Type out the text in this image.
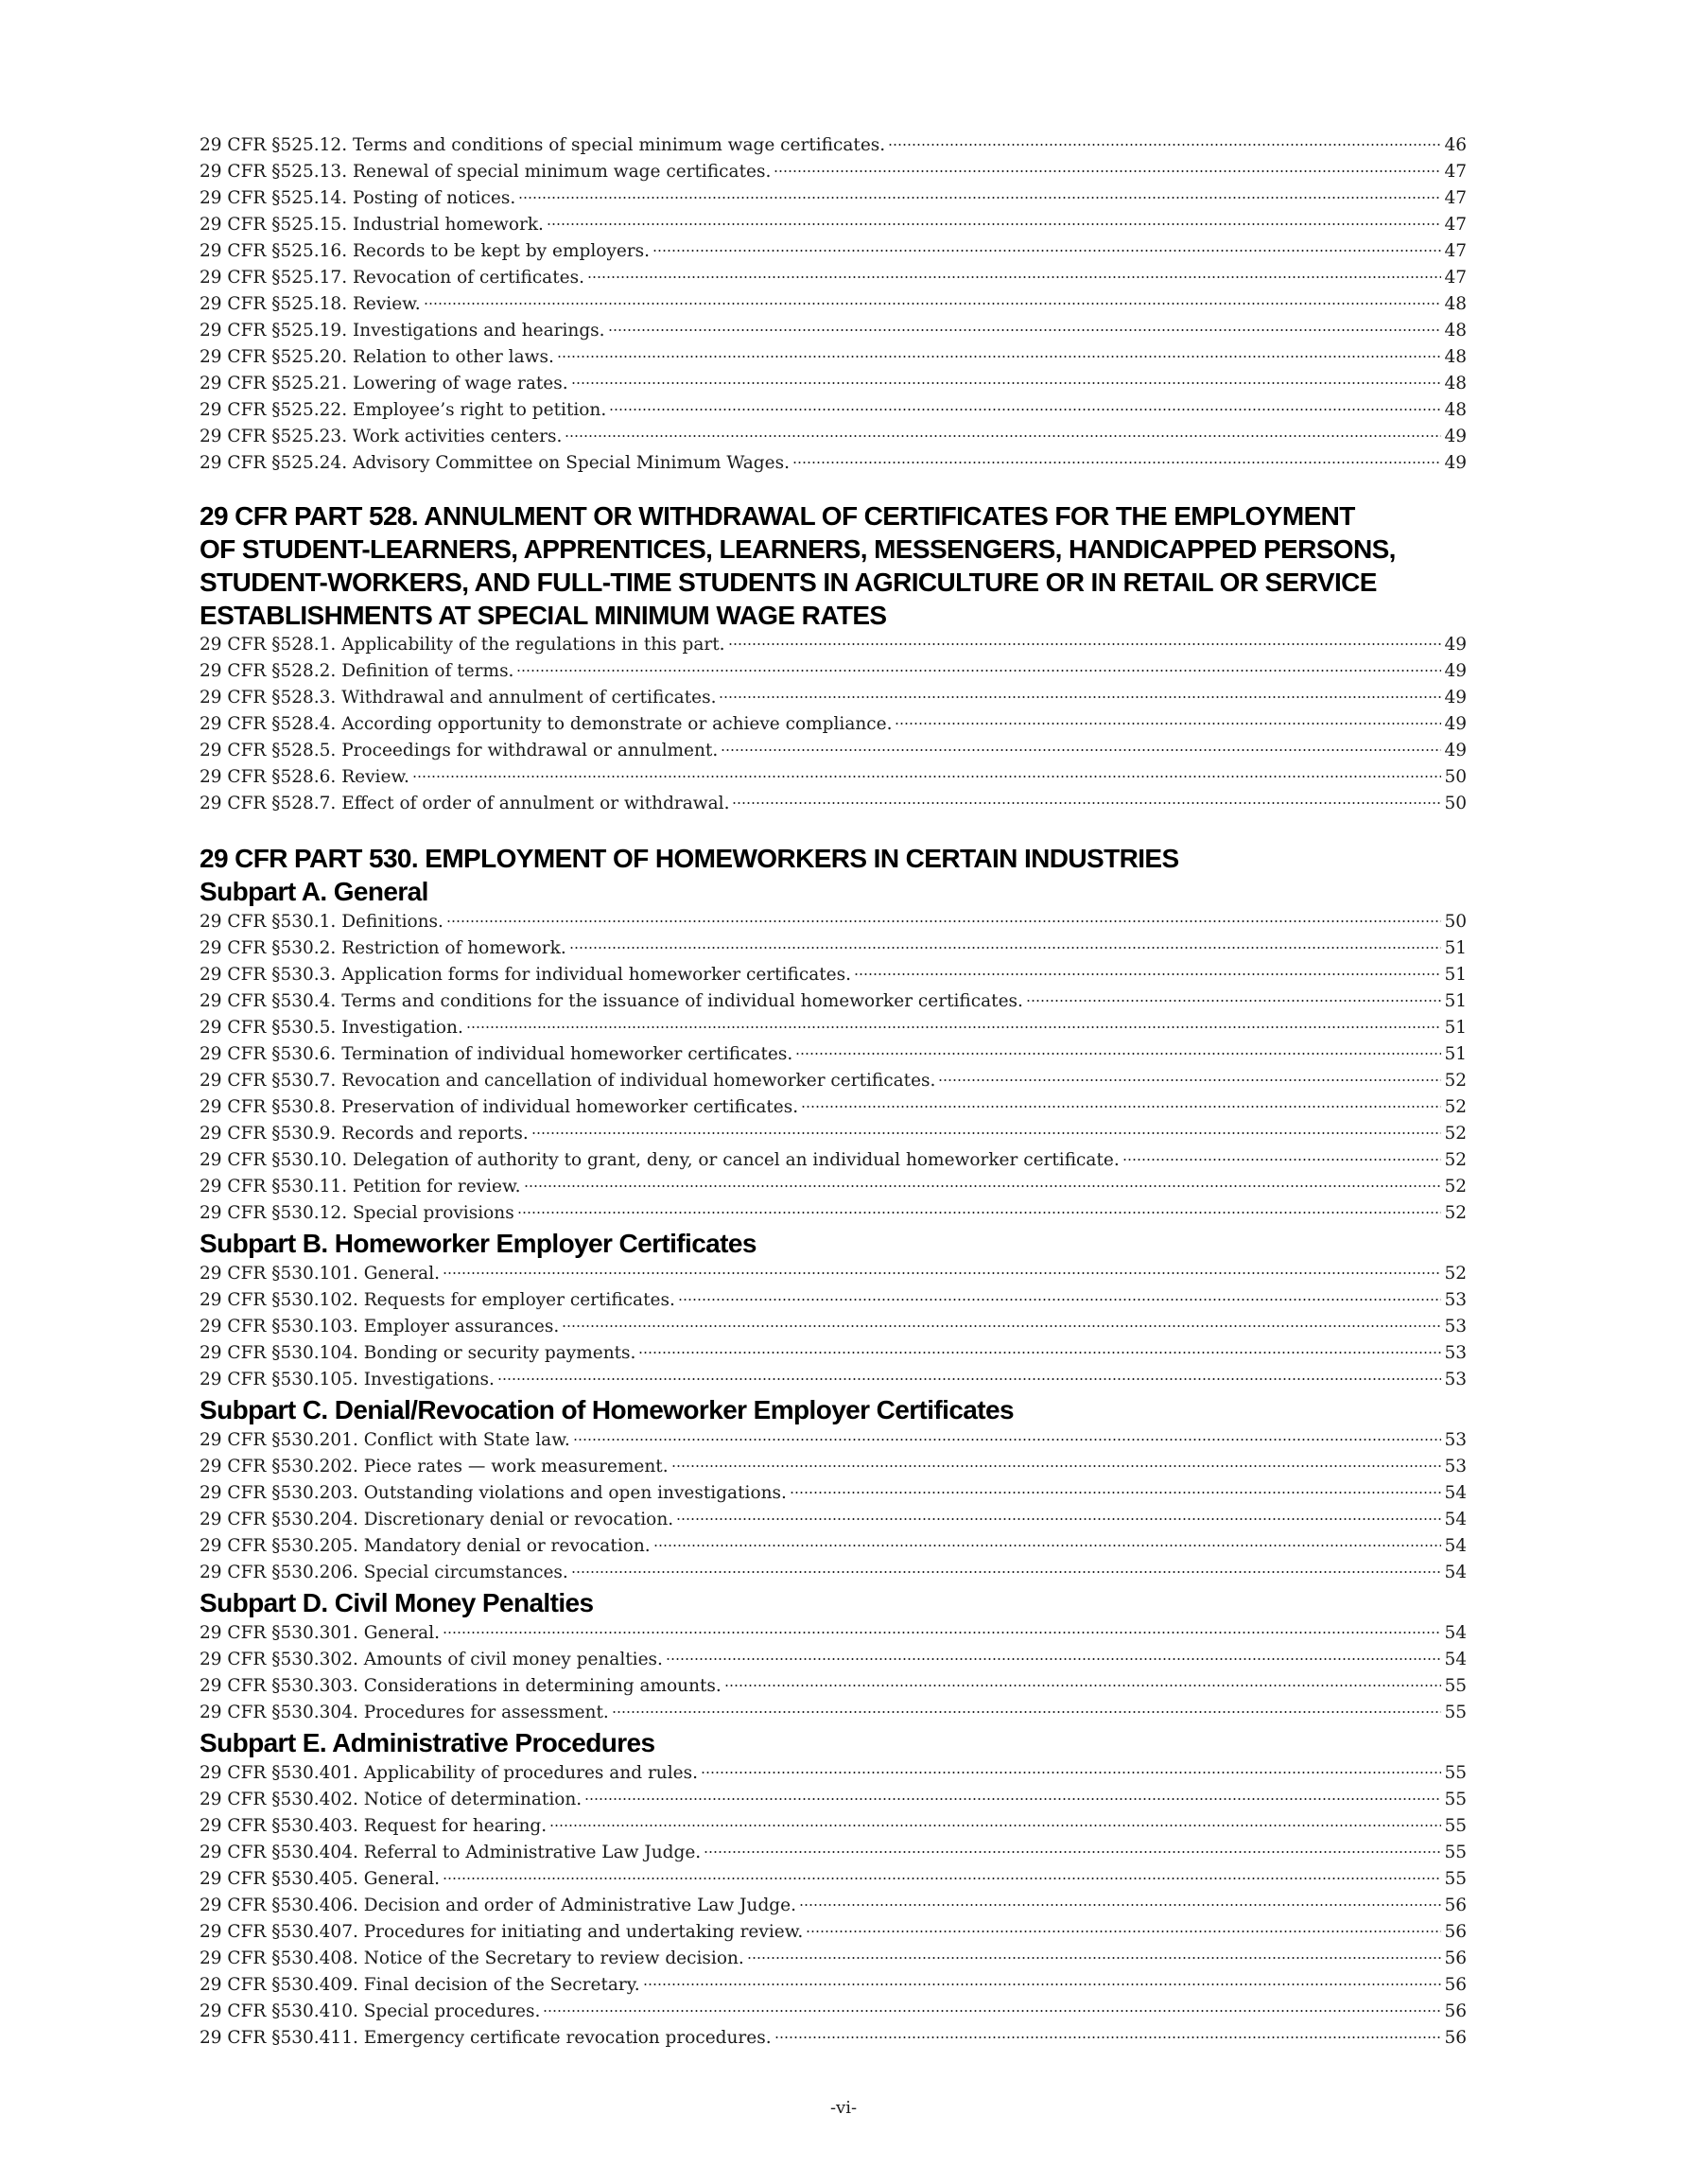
29 CFR §525.12. Terms and conditions of special minimum wage certificates.	46
29 CFR §525.13. Renewal of special minimum wage certificates.	47
29 CFR §525.14. Posting of notices.	47
29 CFR §525.15. Industrial homework.	47
29 CFR §525.16. Records to be kept by employers.	47
29 CFR §525.17. Revocation of certificates.	47
29 CFR §525.18. Review.	48
29 CFR §525.19. Investigations and hearings.	48
29 CFR §525.20. Relation to other laws.	48
29 CFR §525.21. Lowering of wage rates.	48
29 CFR §525.22. Employee’s right to petition.	48
29 CFR §525.23. Work activities centers.	49
29 CFR §525.24. Advisory Committee on Special Minimum Wages.	49
29 CFR PART 528. ANNULMENT OR WITHDRAWAL OF CERTIFICATES FOR THE EMPLOYMENT
OF STUDENT-LEARNERS, APPRENTICES, LEARNERS, MESSENGERS, HANDICAPPED PERSONS,
STUDENT-WORKERS, AND FULL-TIME STUDENTS IN AGRICULTURE OR IN RETAIL OR SERVICE
ESTABLISHMENTS AT SPECIAL MINIMUM WAGE RATES
29 CFR §528.1. Applicability of the regulations in this part.	49
29 CFR §528.2. Definition of terms.	49
29 CFR §528.3. Withdrawal and annulment of certificates.	49
29 CFR §528.4. According opportunity to demonstrate or achieve compliance.	49
29 CFR §528.5. Proceedings for withdrawal or annulment.	49
29 CFR §528.6. Review.	50
29 CFR §528.7. Effect of order of annulment or withdrawal.	50
29 CFR PART 530. EMPLOYMENT OF HOMEWORKERS IN CERTAIN INDUSTRIES
Subpart A. General
29 CFR §530.1. Definitions.	50
29 CFR §530.2. Restriction of homework.	51
29 CFR §530.3. Application forms for individual homeworker certificates.	51
29 CFR §530.4. Terms and conditions for the issuance of individual homeworker certificates.	51
29 CFR §530.5. Investigation.	51
29 CFR §530.6. Termination of individual homeworker certificates.	51
29 CFR §530.7. Revocation and cancellation of individual homeworker certificates.	52
29 CFR §530.8. Preservation of individual homeworker certificates.	52
29 CFR §530.9. Records and reports.	52
29 CFR §530.10. Delegation of authority to grant, deny, or cancel an individual homeworker certificate.	52
29 CFR §530.11. Petition for review.	52
29 CFR §530.12. Special provisions	52
Subpart B. Homeworker Employer Certificates
29 CFR §530.101. General.	52
29 CFR §530.102. Requests for employer certificates.	53
29 CFR §530.103. Employer assurances.	53
29 CFR §530.104. Bonding or security payments.	53
29 CFR §530.105. Investigations.	53
Subpart C. Denial/Revocation of Homeworker Employer Certificates
29 CFR §530.201. Conflict with State law.	53
29 CFR §530.202. Piece rates — work measurement.	53
29 CFR §530.203. Outstanding violations and open investigations.	54
29 CFR §530.204. Discretionary denial or revocation.	54
29 CFR §530.205. Mandatory denial or revocation.	54
29 CFR §530.206. Special circumstances.	54
Subpart D. Civil Money Penalties
29 CFR §530.301. General.	54
29 CFR §530.302. Amounts of civil money penalties.	54
29 CFR §530.303. Considerations in determining amounts.	55
29 CFR §530.304. Procedures for assessment.	55
Subpart E. Administrative Procedures
29 CFR §530.401. Applicability of procedures and rules.	55
29 CFR §530.402. Notice of determination.	55
29 CFR §530.403. Request for hearing.	55
29 CFR §530.404. Referral to Administrative Law Judge.	55
29 CFR §530.405. General.	55
29 CFR §530.406. Decision and order of Administrative Law Judge.	56
29 CFR §530.407. Procedures for initiating and undertaking review.	56
29 CFR §530.408. Notice of the Secretary to review decision.	56
29 CFR §530.409. Final decision of the Secretary.	56
29 CFR §530.410. Special procedures.	56
29 CFR §530.411. Emergency certificate revocation procedures.	56
-vi-
